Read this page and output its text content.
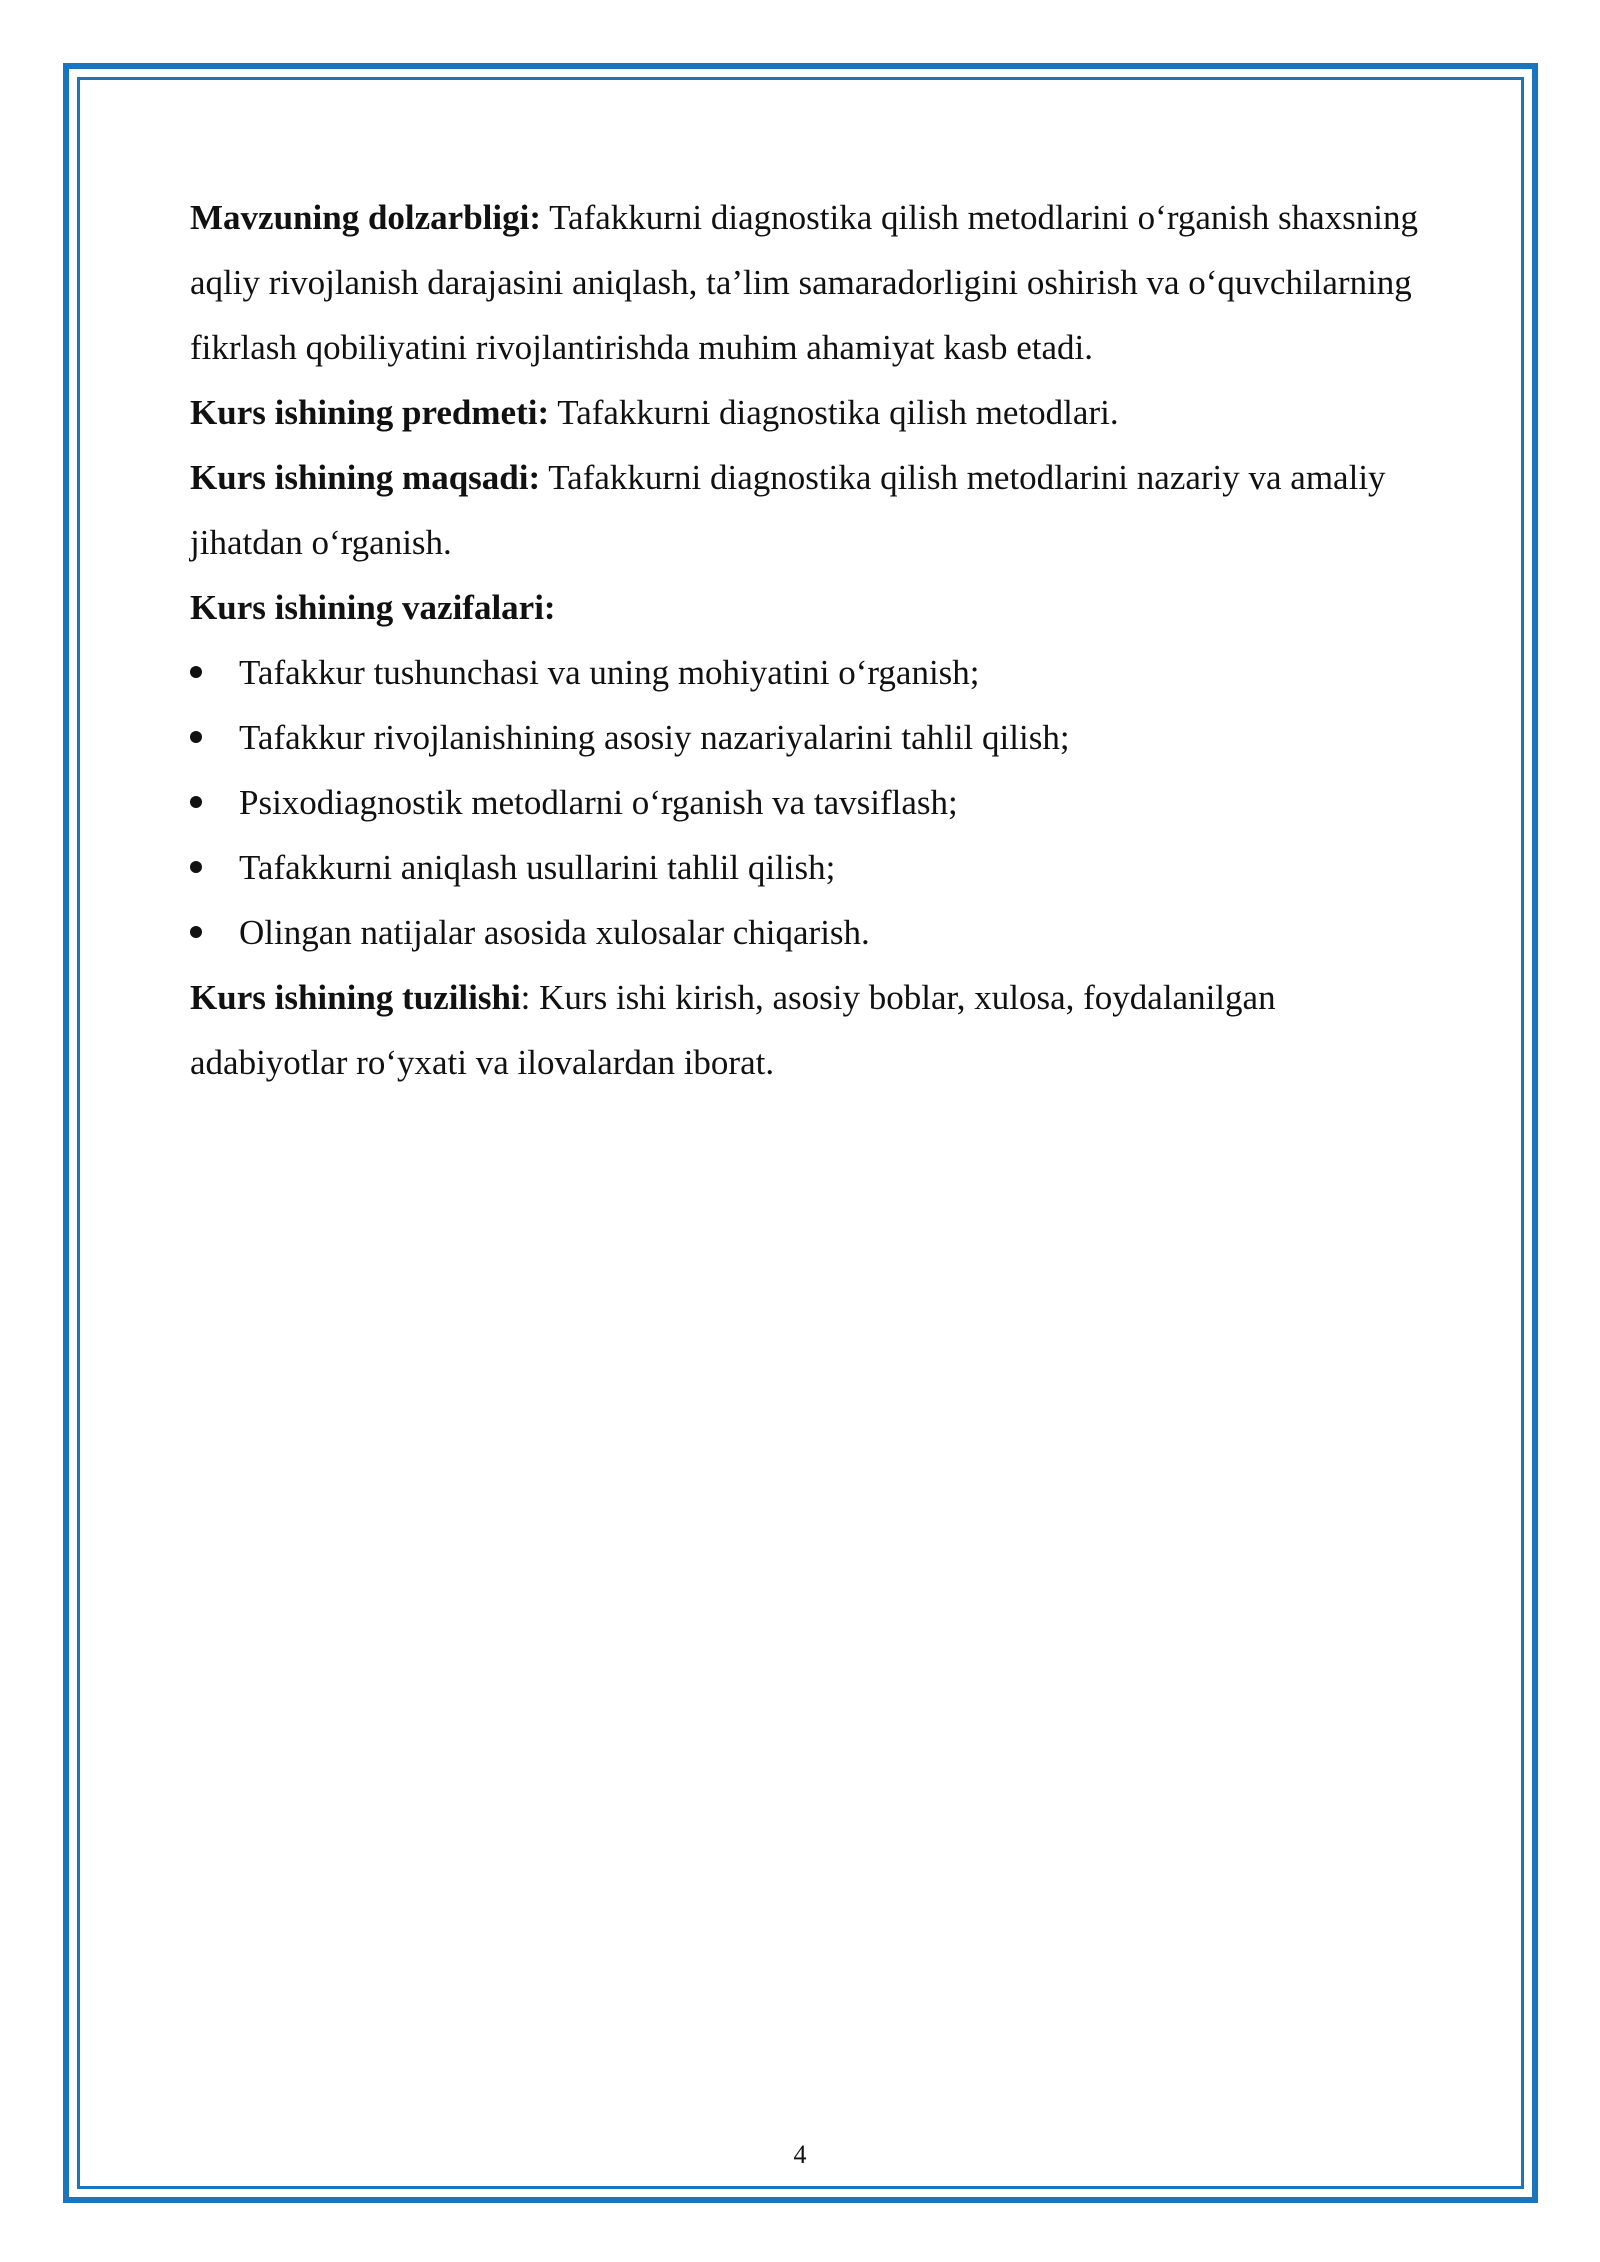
Mavzuning dolzarbligi: Tafakkurni diagnostika qilish metodlarini o‘rganish shaxsning aqliy rivojlanish darajasini aniqlash, ta’lim samaradorligini oshirish va o‘quvchilarning fikrlash qobiliyatini rivojlantirishda muhim ahamiyat kasb etadi.

Kurs ishining predmeti: Tafakkurni diagnostika qilish metodlari.

Kurs ishining maqsadi: Tafakkurni diagnostika qilish metodlarini nazariy va amaliy jihatdan o‘rganish.

Kurs ishining vazifalari:

Tafakkur tushunchasi va uning mohiyatini o‘rganish;
Tafakkur rivojlanishining asosiy nazariyalarini tahlil qilish;
Psixodiagnostik metodlarni o‘rganish va tavsiflash;
Tafakkurni aniqlash usullarini tahlil qilish;
Olingan natijalar asosida xulosalar chiqarish.

Kurs ishining tuzilishi: Kurs ishi kirish, asosiy boblar, xulosa, foydalanilgan adabiyotlar ro‘yxati va ilovalardan iborat.

4
